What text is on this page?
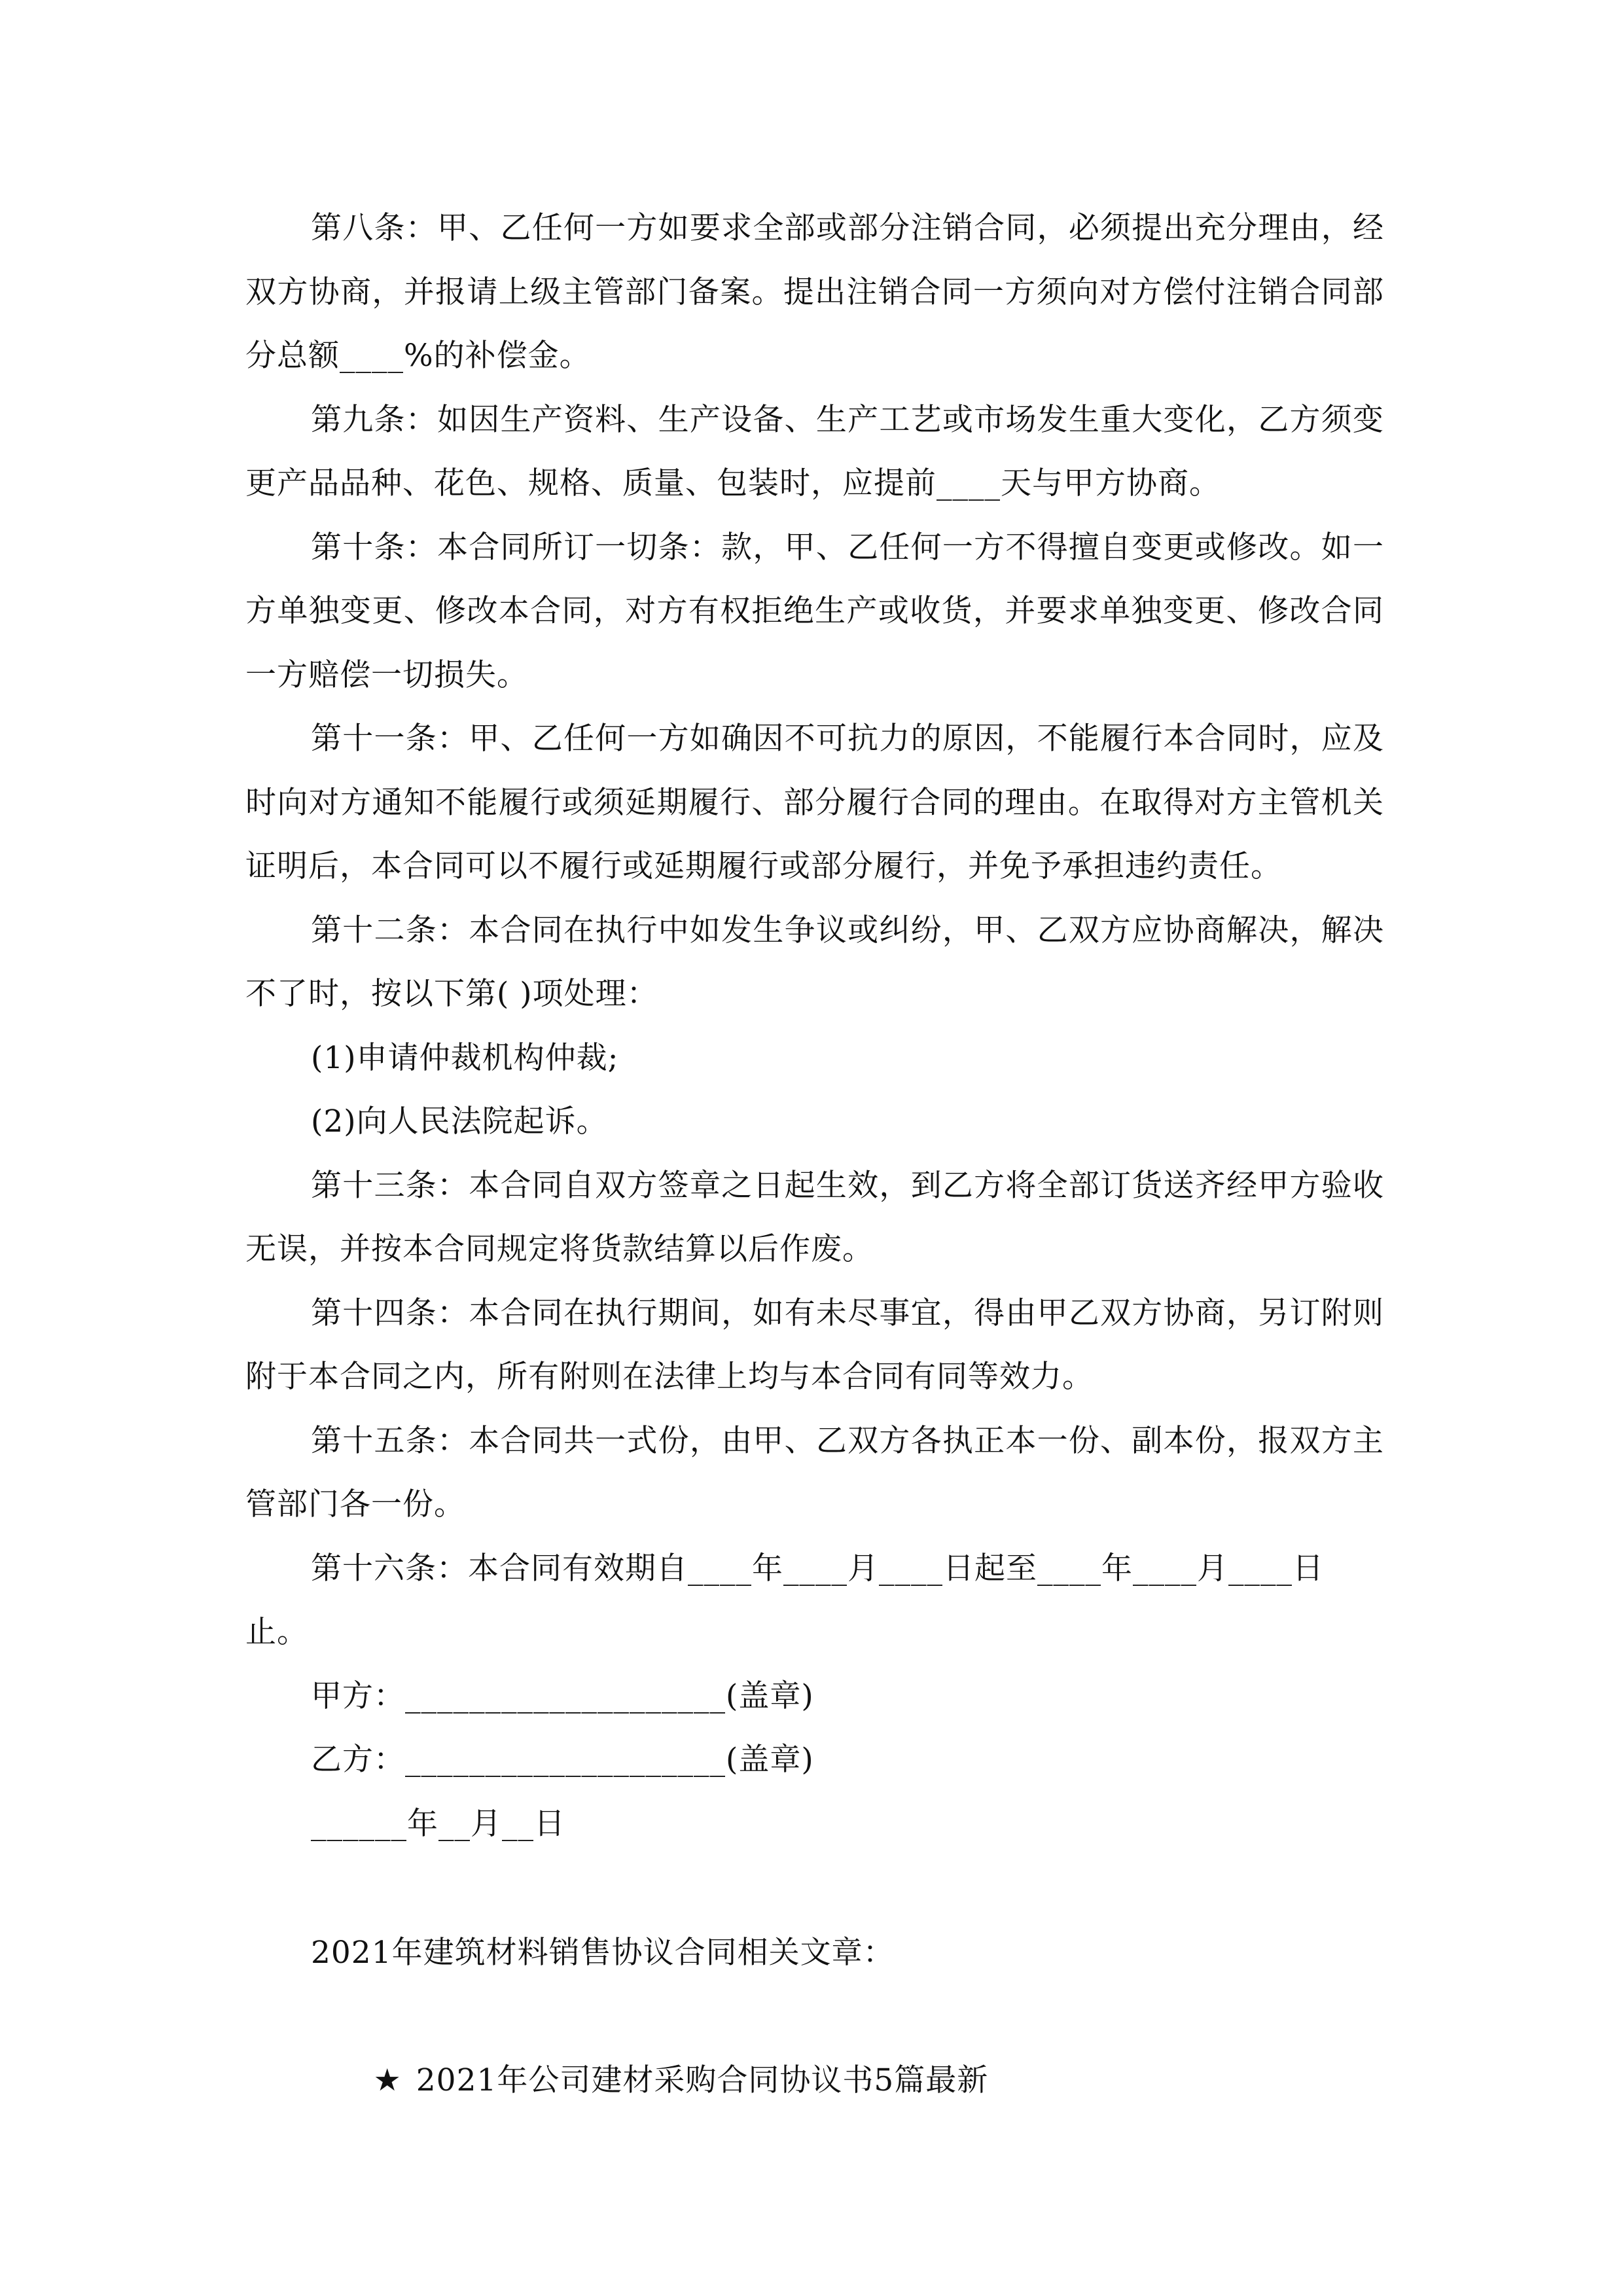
第八条：甲、乙任何一方如要求全部或部分注销合同，必须提出充分理由，经双方协商，并报请上级主管部门备案。提出注销合同一方须向对方偿付注销合同部分总额____%的补偿金。

第九条：如因生产资料、生产设备、生产工艺或市场发生重大变化，乙方须变更产品品种、花色、规格、质量、包装时，应提前____天与甲方协商。

第十条：本合同所订一切条：款，甲、乙任何一方不得擅自变更或修改。如一方单独变更、修改本合同，对方有权拒绝生产或收货，并要求单独变更、修改合同一方赔偿一切损失。

第十一条：甲、乙任何一方如确因不可抗力的原因，不能履行本合同时，应及时向对方通知不能履行或须延期履行、部分履行合同的理由。在取得对方主管机关证明后，本合同可以不履行或延期履行或部分履行，并免予承担违约责任。

第十二条：本合同在执行中如发生争议或纠纷，甲、乙双方应协商解决，解决不了时，按以下第( )项处理：

(1)申请仲裁机构仲裁;

(2)向人民法院起诉。

第十三条：本合同自双方签章之日起生效，到乙方将全部订货送齐经甲方验收无误，并按本合同规定将货款结算以后作废。

第十四条：本合同在执行期间，如有未尽事宜，得由甲乙双方协商，另订附则附于本合同之内，所有附则在法律上均与本合同有同等效力。

第十五条：本合同共一式份，由甲、乙双方各执正本一份、副本份，报双方主管部门各一份。

第十六条：本合同有效期自____年____月____日起至____年____月____日止。

甲方：____________________(盖章)

乙方：____________________(盖章)

______年__月__日

2021年建筑材料销售协议合同相关文章：

★ 2021年公司建材采购合同协议书5篇最新
